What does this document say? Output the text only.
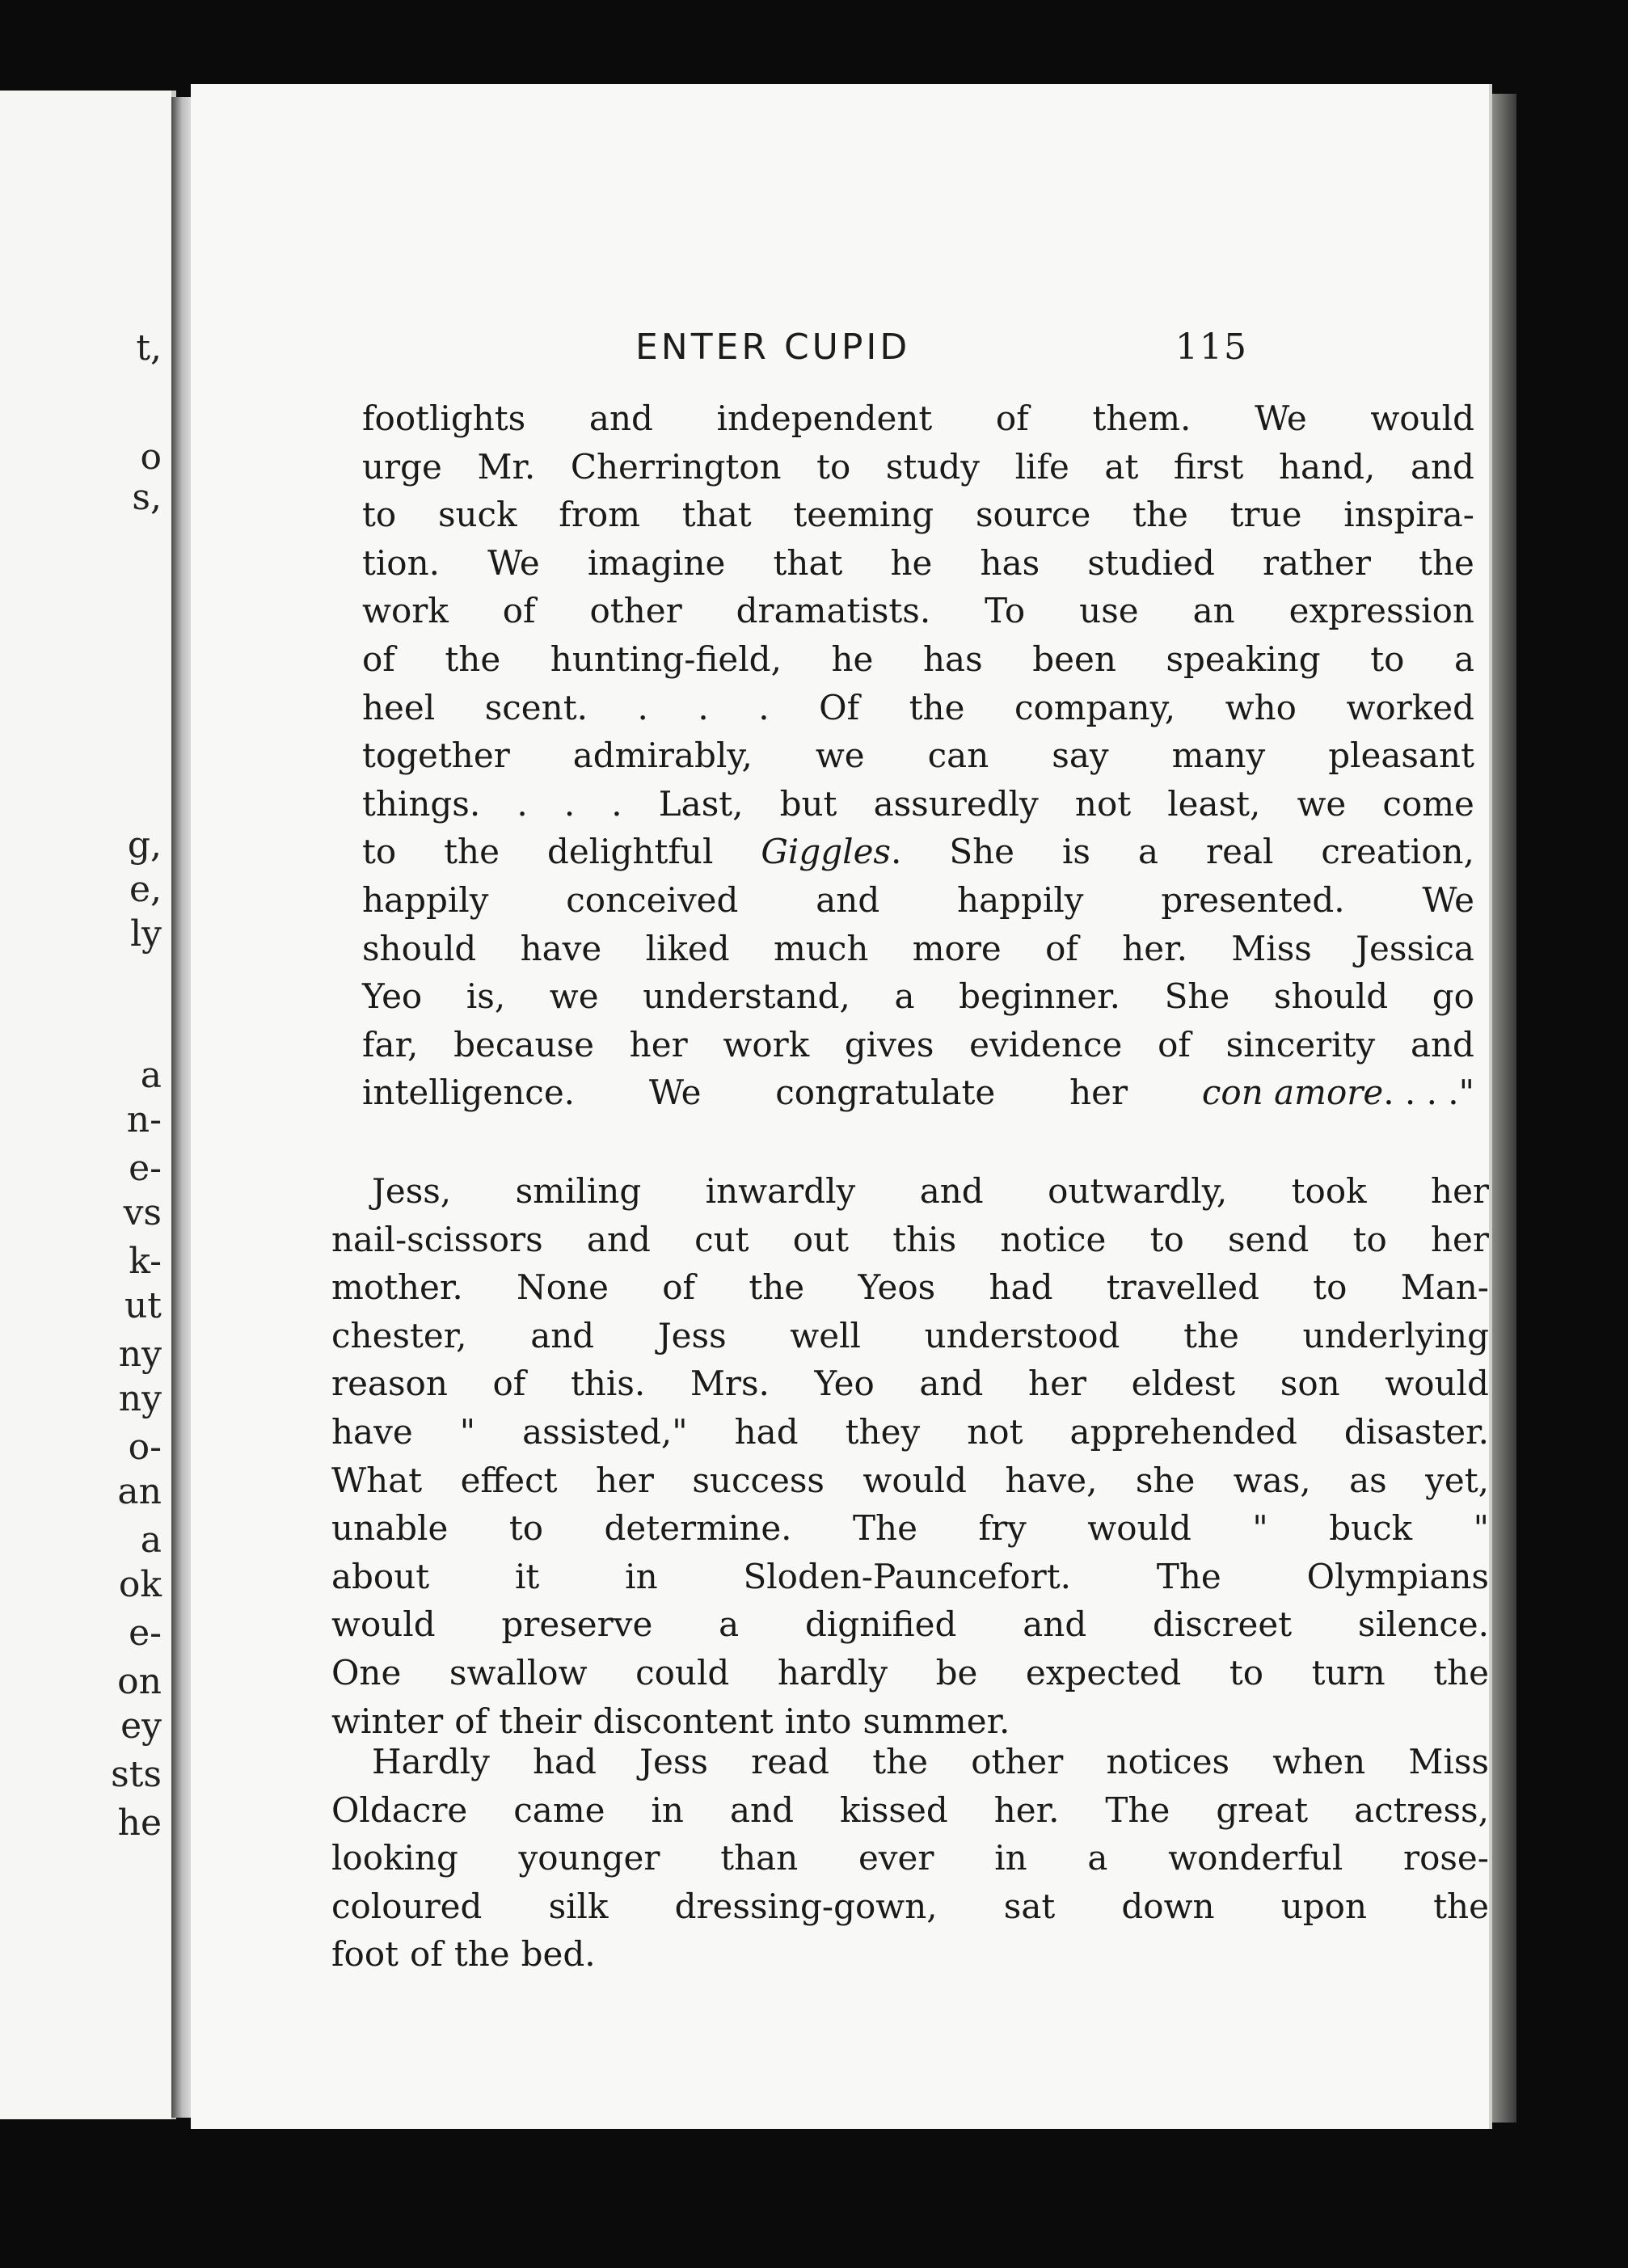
t,
o
s,
g,
e,
ly
a
n-
e-
vs
k-
ut
ny
ny
o-
an
a
ok
e-
on
ey
sts
he
ENTER CUPID	115
footlights and independent of them. We would
urge Mr. Cherrington to study life at first hand, and
to suck from that teeming source the true inspira-
tion. We imagine that he has studied rather the
work of other dramatists. To use an expression
of the hunting-field, he has been speaking to a
heel scent. . . . Of the company, who worked
together admirably, we can say many pleasant
things. . . . Last, but assuredly not least, we come
to the delightful Giggles. She is a real creation,
happily conceived and happily presented. We
should have liked much more of her. Miss Jessica
Yeo is, we understand, a beginner. She should go
far, because her work gives evidence of sincerity and
intelligence. We congratulate her con amore. . . ."
Jess, smiling inwardly and outwardly, took her
nail-scissors and cut out this notice to send to her
mother. None of the Yeos had travelled to Man-
chester, and Jess well understood the underlying
reason of this. Mrs. Yeo and her eldest son would
have " assisted," had they not apprehended disaster.
What effect her success would have, she was, as yet,
unable to determine. The fry would " buck "
about	it	in	Sloden-Pauncefort.	The	Olympians
would preserve a dignified and discreet silence.
One swallow could hardly be expected to turn the
winter of their discontent into summer.
Hardly had Jess read the other notices when Miss
Oldacre came in and kissed her. The great actress,
looking younger than ever in a wonderful rose-
coloured silk dressing-gown, sat down upon the
foot of the bed.
